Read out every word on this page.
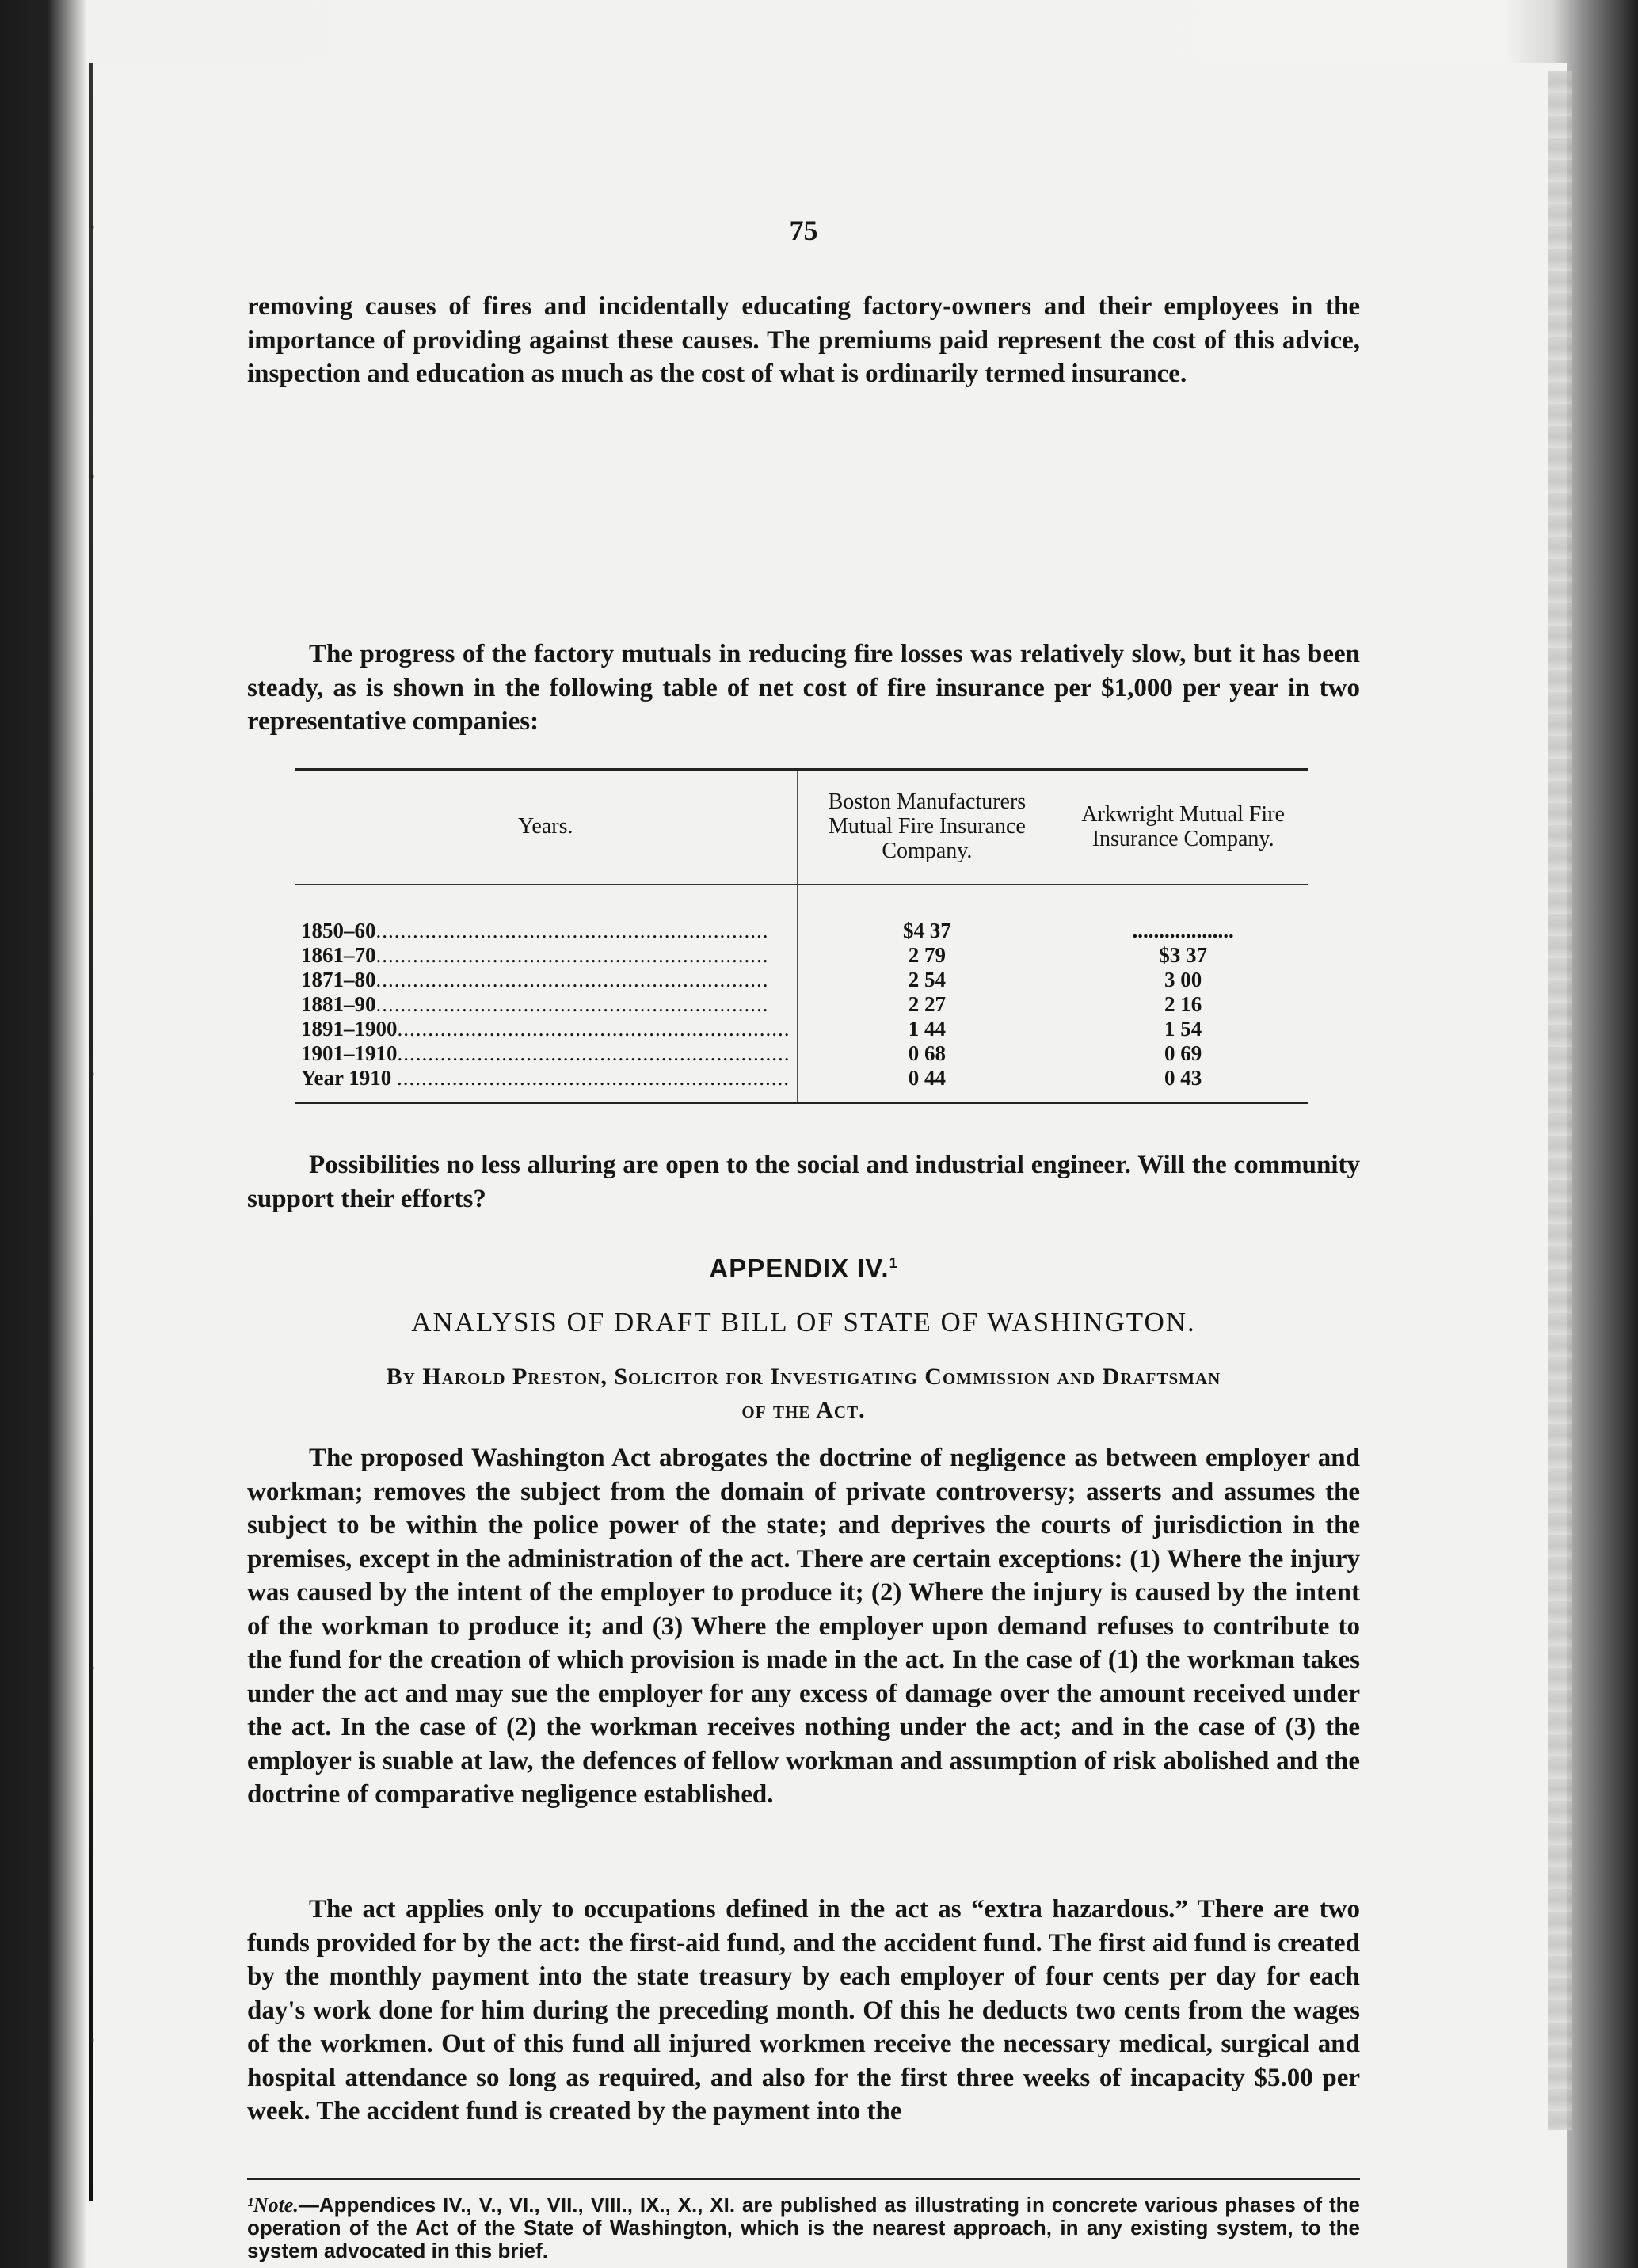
·
·
·
·
·
75

removing causes of fires and incidentally educating factory-owners and their employees in the importance of providing against these causes. The premiums paid represent the cost of this advice, inspection and education as much as the cost of what is ordinarily termed insurance.

The progress of the factory mutuals in reducing fire losses was relatively slow, but it has been steady, as is shown in the following table of net cost of fire insurance per $1,000 per year in two representative companies:

Years.	Boston Manufacturers Mutual Fire Insurance Company.	Arkwright Mutual Fire Insurance Company.
1850–60................................................................	$4 37	...................
1861–70................................................................	2 79	$3 37
1871–80................................................................	2 54	3 00
1881–90................................................................	2 27	2 16
1891–1900................................................................	1 44	1 54
1901–1910................................................................	0 68	0 69
Year 1910 ................................................................	0 44	0 43

Possibilities no less alluring are open to the social and industrial engineer. Will the community support their efforts?

APPENDIX IV.$^1$
ANALYSIS OF DRAFT BILL OF STATE OF WASHINGTON.
By Harold Preston, Solicitor for Investigating Commission and Draftsman
of the Act.

The proposed Washington Act abrogates the doctrine of negligence as between employer and workman; removes the subject from the domain of private controversy; asserts and assumes the subject to be within the police power of the state; and deprives the courts of jurisdiction in the premises, except in the administration of the act. There are certain exceptions: (1) Where the injury was caused by the intent of the employer to produce it; (2) Where the injury is caused by the intent of the workman to produce it; and (3) Where the employer upon demand refuses to contribute to the fund for the creation of which provision is made in the act. In the case of (1) the workman takes under the act and may sue the employer for any excess of damage over the amount received under the act. In the case of (2) the workman receives nothing under the act; and in the case of (3) the employer is suable at law, the defences of fellow workman and assumption of risk abolished and the doctrine of comparative negligence established.

The act applies only to occupations defined in the act as “extra hazardous.” There are two funds provided for by the act: the first-aid fund, and the accident fund. The first aid fund is created by the monthly payment into the state treasury by each employer of four cents per day for each day's work done for him during the preceding month. Of this he deducts two cents from the wages of the workmen. Out of this fund all injured workmen receive the necessary medical, surgical and hospital attendance so long as required, and also for the first three weeks of incapacity $5.00 per week. The accident fund is created by the payment into the

¹Note.—Appendices IV., V., VI., VII., VIII., IX., X., XI. are published as illustrating in concrete various phases of the operation of the Act of the State of Washington, which is the nearest approach, in any existing system, to the system advocated in this brief.
